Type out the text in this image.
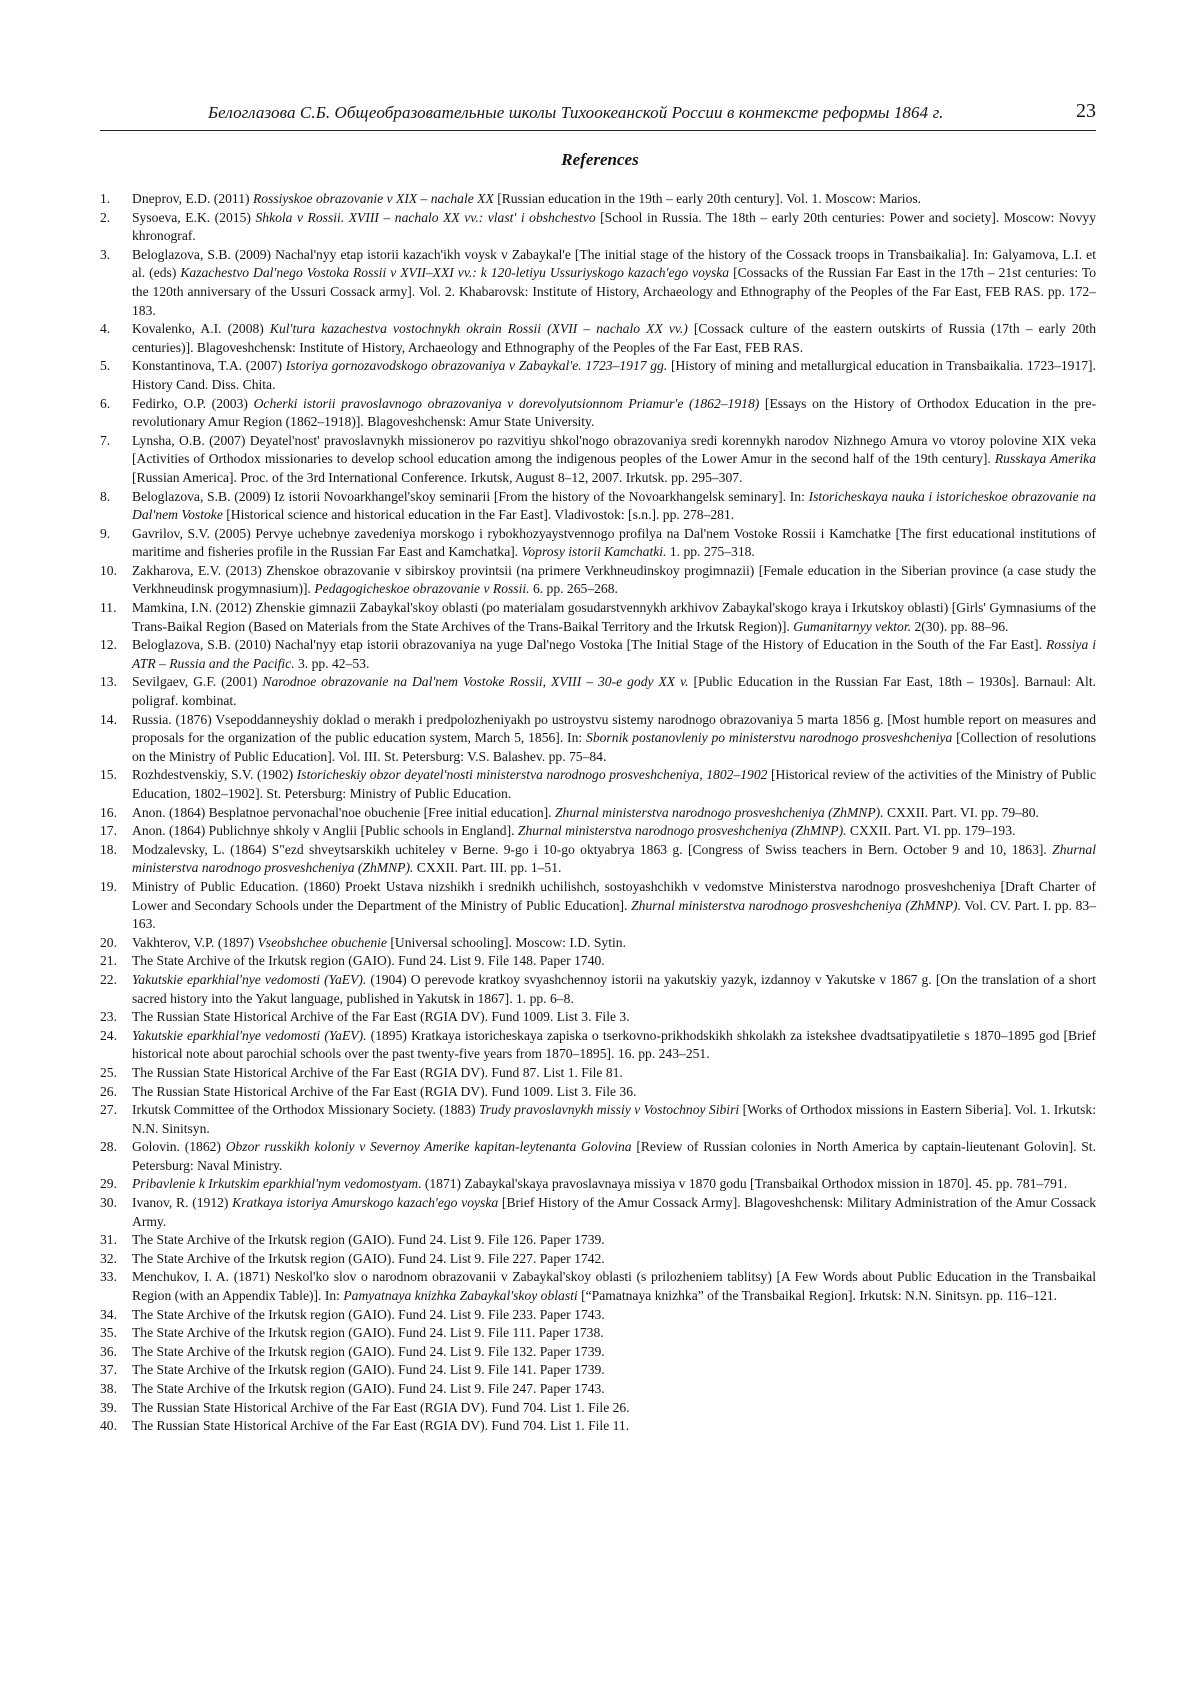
Белоглазова С.Б. Общеобразовательные школы Тихоокеанской России в контексте реформы 1864 г.	23
References
1. Dneprov, E.D. (2011) Rossiyskoe obrazovanie v XIX – nachale XX [Russian education in the 19th – early 20th century]. Vol. 1. Moscow: Marios.
2. Sysoeva, E.K. (2015) Shkola v Rossii. XVIII – nachalo XX vv.: vlast' i obshchestvo [School in Russia. The 18th – early 20th centuries: Power and society]. Moscow: Novyy khronograf.
3. Beloglazova, S.B. (2009) Nachal'nyy etap istorii kazach'ikh voysk v Zabaykal'e [The initial stage of the history of the Cossack troops in Transbaikalia]. In: Galyamova, L.I. et al. (eds) Kazachestvo Dal'nego Vostoka Rossii v XVII–XXI vv.: k 120-letiyu Ussuriyskogo kazach'ego voyska [Cossacks of the Russian Far East in the 17th – 21st centuries: To the 120th anniversary of the Ussuri Cossack army]. Vol. 2. Khabarovsk: Institute of History, Archaeology and Ethnography of the Peoples of the Far East, FEB RAS. pp. 172–183.
4. Kovalenko, A.I. (2008) Kul'tura kazachestva vostochnykh okrain Rossii (XVII – nachalo XX vv.) [Cossack culture of the eastern outskirts of Russia (17th – early 20th centuries)]. Blagoveshchensk: Institute of History, Archaeology and Ethnography of the Peoples of the Far East, FEB RAS.
5. Konstantinova, T.A. (2007) Istoriya gornozavodskogo obrazovaniya v Zabaykal'e. 1723–1917 gg. [History of mining and metallurgical education in Transbaikalia. 1723–1917]. History Cand. Diss. Chita.
6. Fedirko, O.P. (2003) Ocherki istorii pravoslavnogo obrazovaniya v dorevolyutsionnom Priamur'e (1862–1918) [Essays on the History of Orthodox Education in the pre-revolutionary Amur Region (1862–1918)]. Blagoveshchensk: Amur State University.
7. Lynsha, O.B. (2007) Deyatel'nost' pravoslavnykh missionerov po razvitiyu shkol'nogo obrazovaniya sredi korennykh narodov Nizhnego Amura vo vtoroy polovine XIX veka [Activities of Orthodox missionaries to develop school education among the indigenous peoples of the Lower Amur in the second half of the 19th century]. Russkaya Amerika [Russian America]. Proc. of the 3rd International Conference. Irkutsk, August 8–12, 2007. Irkutsk. pp. 295–307.
8. Beloglazova, S.B. (2009) Iz istorii Novoarkhangel'skoy seminarii [From the history of the Novoarkhangelsk seminary]. In: Istoricheskaya nauka i istoricheskoe obrazovanie na Dal'nem Vostoke [Historical science and historical education in the Far East]. Vladivostok: [s.n.]. pp. 278–281.
9. Gavrilov, S.V. (2005) Pervye uchebnye zavedeniya morskogo i rybokhozyaystvennogo profilya na Dal'nem Vostoke Rossii i Kamchatke [The first educational institutions of maritime and fisheries profile in the Russian Far East and Kamchatka]. Voprosy istorii Kamchatki. 1. pp. 275–318.
10. Zakharova, E.V. (2013) Zhenskoe obrazovanie v sibirskoy provintsii (na primere Verkhneudinskoy progimnazii) [Female education in the Siberian province (a case study the Verkhneudinsk progymnasium)]. Pedagogicheskoe obrazovanie v Rossii. 6. pp. 265–268.
11. Mamkina, I.N. (2012) Zhenskie gimnazii Zabaykal'skoy oblasti (po materialam gosudarstvennykh arkhivov Zabaykal'skogo kraya i Irkutskoy oblasti) [Girls' Gymnasiums of the Trans-Baikal Region (Based on Materials from the State Archives of the Trans-Baikal Territory and the Irkutsk Region)]. Gumanitarnyy vektor. 2(30). pp. 88–96.
12. Beloglazova, S.B. (2010) Nachal'nyy etap istorii obrazovaniya na yuge Dal'nego Vostoka [The Initial Stage of the History of Education in the South of the Far East]. Rossiya i ATR – Russia and the Pacific. 3. pp. 42–53.
13. Sevilgaev, G.F. (2001) Narodnoe obrazovanie na Dal'nem Vostoke Rossii, XVIII – 30-e gody XX v. [Public Education in the Russian Far East, 18th – 1930s]. Barnaul: Alt. poligraf. kombinat.
14. Russia. (1876) Vsepoddanneyshiy doklad o merakh i predpolozheniyakh po ustroystvu sistemy narodnogo obrazovaniya 5 marta 1856 g. [Most humble report on measures and proposals for the organization of the public education system, March 5, 1856]. In: Sbornik postanovleniy po ministerstvu narodnogo prosveshcheniya [Collection of resolutions on the Ministry of Public Education]. Vol. III. St. Petersburg: V.S. Balashev. pp. 75–84.
15. Rozhdestvenskiy, S.V. (1902) Istoricheskiy obzor deyatel'nosti ministerstva narodnogo prosveshcheniya, 1802–1902 [Historical review of the activities of the Ministry of Public Education, 1802–1902]. St. Petersburg: Ministry of Public Education.
16. Anon. (1864) Besplatnoe pervonachal'noe obuchenie [Free initial education]. Zhurnal ministerstva narodnogo prosveshcheniya (ZhMNP). CXXII. Part. VI. pp. 79–80.
17. Anon. (1864) Publichnye shkoly v Anglii [Public schools in England]. Zhurnal ministerstva narodnogo prosveshcheniya (ZhMNP). CXXII. Part. VI. pp. 179–193.
18. Modzalevsky, L. (1864) S"ezd shveytsarskikh uchiteley v Berne. 9-go i 10-go oktyabrya 1863 g. [Congress of Swiss teachers in Bern. October 9 and 10, 1863]. Zhurnal ministerstva narodnogo prosveshcheniya (ZhMNP). CXXII. Part. III. pp. 1–51.
19. Ministry of Public Education. (1860) Proekt Ustava nizshikh i srednikh uchilishch, sostoyashchikh v vedomstve Ministerstva narodnogo prosveshcheniya [Draft Charter of Lower and Secondary Schools under the Department of the Ministry of Public Education]. Zhurnal ministerstva narodnogo prosveshcheniya (ZhMNP). Vol. CV. Part. I. pp. 83–163.
20. Vakhterov, V.P. (1897) Vseobshchee obuchenie [Universal schooling]. Moscow: I.D. Sytin.
21. The State Archive of the Irkutsk region (GAIO). Fund 24. List 9. File 148. Paper 1740.
22. Yakutskie eparkhial'nye vedomosti (YaEV). (1904) O perevode kratkoy svyashchennoy istorii na yakutskiy yazyk, izdannoy v Yakutske v 1867 g. [On the translation of a short sacred history into the Yakut language, published in Yakutsk in 1867]. 1. pp. 6–8.
23. The Russian State Historical Archive of the Far East (RGIA DV). Fund 1009. List 3. File 3.
24. Yakutskie eparkhial'nye vedomosti (YaEV). (1895) Kratkaya istoricheskaya zapiska o tserkovno-prikhodskikh shkolakh za istekshee dvadtsatipyatiletie s 1870–1895 god [Brief historical note about parochial schools over the past twenty-five years from 1870–1895]. 16. pp. 243–251.
25. The Russian State Historical Archive of the Far East (RGIA DV). Fund 87. List 1. File 81.
26. The Russian State Historical Archive of the Far East (RGIA DV). Fund 1009. List 3. File 36.
27. Irkutsk Committee of the Orthodox Missionary Society. (1883) Trudy pravoslavnykh missiy v Vostochnoy Sibiri [Works of Orthodox missions in Eastern Siberia]. Vol. 1. Irkutsk: N.N. Sinitsyn.
28. Golovin. (1862) Obzor russkikh koloniy v Severnoy Amerike kapitan-leytenanta Golovina [Review of Russian colonies in North America by captain-lieutenant Golovin]. St. Petersburg: Naval Ministry.
29. Pribavlenie k Irkutskim eparkhial'nym vedomostyam. (1871) Zabaykal'skaya pravoslavnaya missiya v 1870 godu [Transbaikal Orthodox mission in 1870]. 45. pp. 781–791.
30. Ivanov, R. (1912) Kratkaya istoriya Amurskogo kazach'ego voyska [Brief History of the Amur Cossack Army]. Blagoveshchensk: Military Administration of the Amur Cossack Army.
31. The State Archive of the Irkutsk region (GAIO). Fund 24. List 9. File 126. Paper 1739.
32. The State Archive of the Irkutsk region (GAIO). Fund 24. List 9. File 227. Paper 1742.
33. Menchukov, I. A. (1871) Neskol'ko slov o narodnom obrazovanii v Zabaykal'skoy oblasti (s prilozheniem tablitsy) [A Few Words about Public Education in the Transbaikal Region (with an Appendix Table)]. In: Pamyatnaya knizhka Zabaykal'skoy oblasti [“Pamatnaya knizhka” of the Transbaikal Region]. Irkutsk: N.N. Sinitsyn. pp. 116–121.
34. The State Archive of the Irkutsk region (GAIO). Fund 24. List 9. File 233. Paper 1743.
35. The State Archive of the Irkutsk region (GAIO). Fund 24. List 9. File 111. Paper 1738.
36. The State Archive of the Irkutsk region (GAIO). Fund 24. List 9. File 132. Paper 1739.
37. The State Archive of the Irkutsk region (GAIO). Fund 24. List 9. File 141. Paper 1739.
38. The State Archive of the Irkutsk region (GAIO). Fund 24. List 9. File 247. Paper 1743.
39. The Russian State Historical Archive of the Far East (RGIA DV). Fund 704. List 1. File 26.
40. The Russian State Historical Archive of the Far East (RGIA DV). Fund 704. List 1. File 11.
